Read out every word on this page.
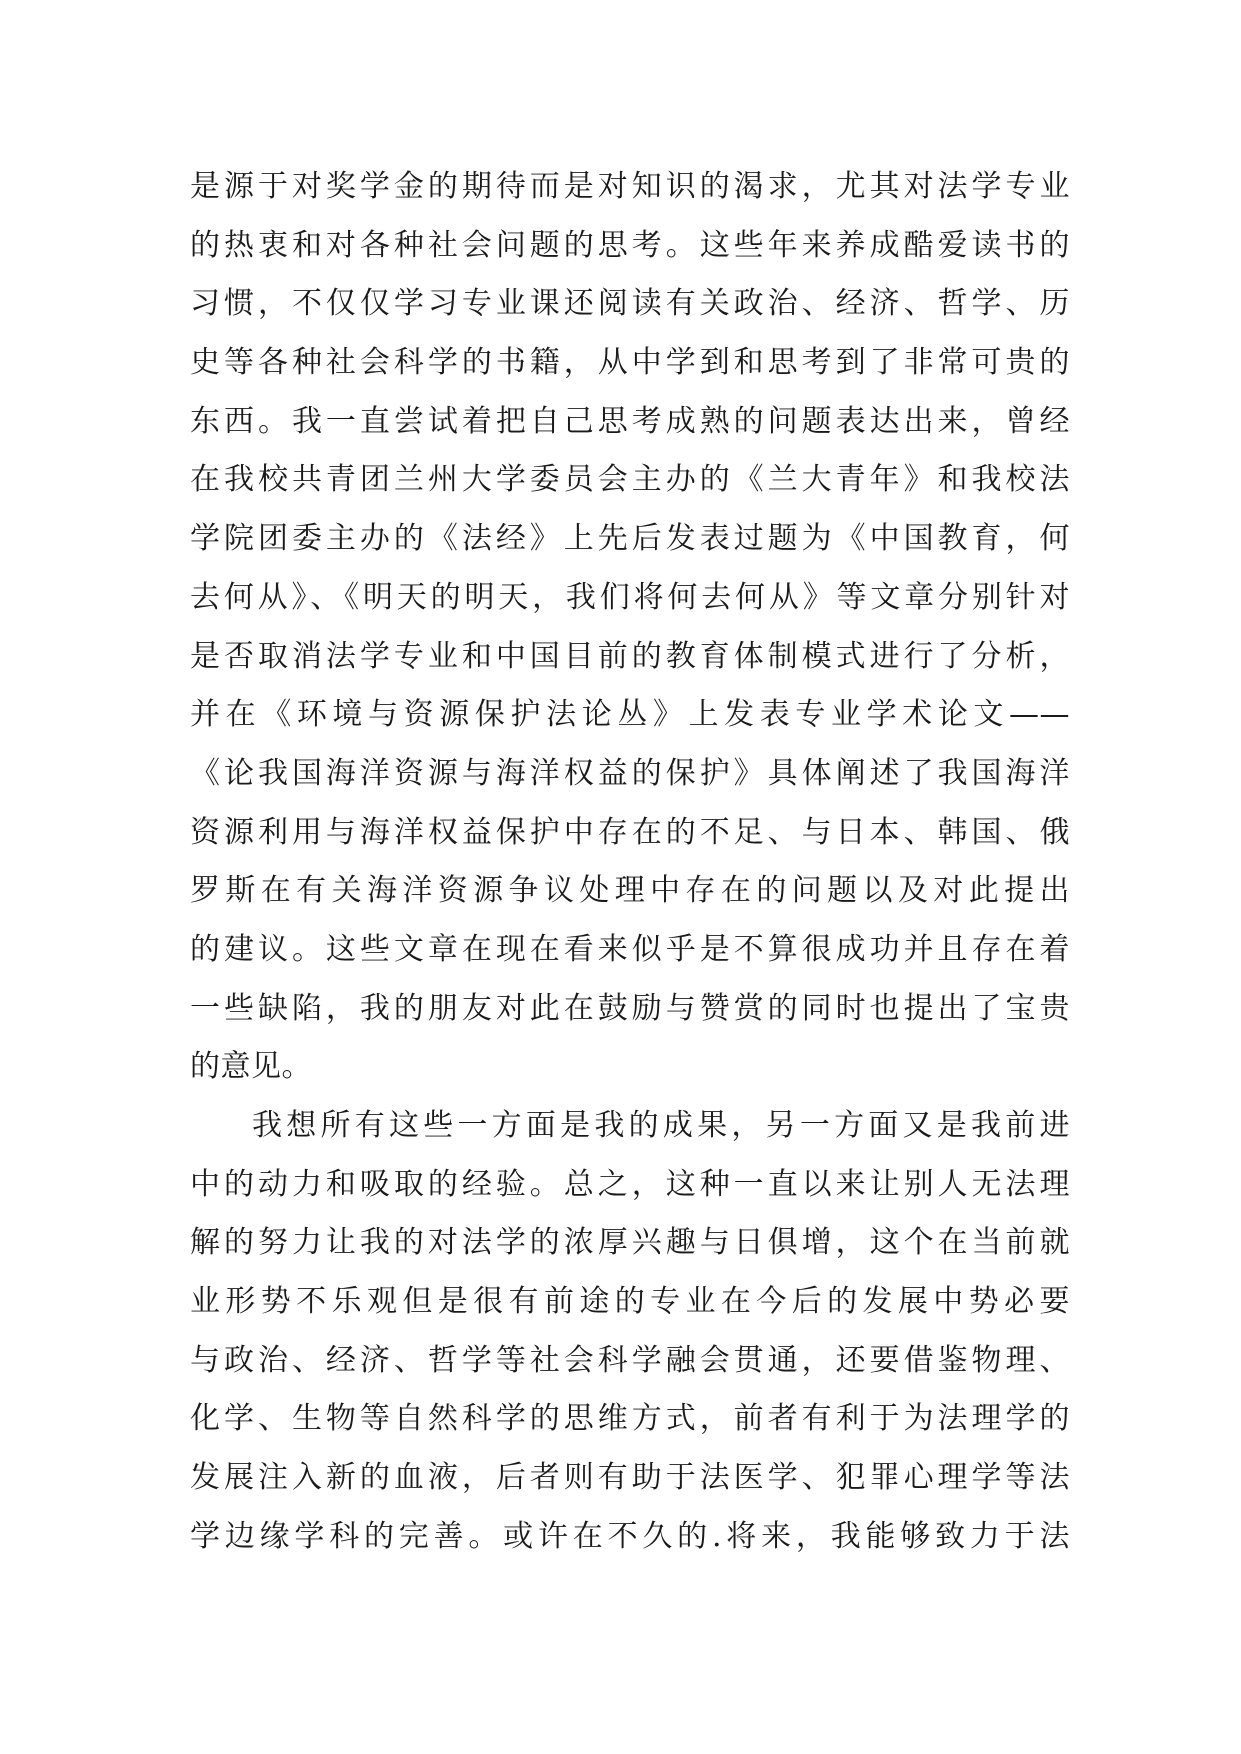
是源于对奖学金的期待而是对知识的渴求，尤其对法学专业
的热衷和对各种社会问题的思考。这些年来养成酷爱读书的
习惯，不仅仅学习专业课还阅读有关政治、经济、哲学、历
史等各种社会科学的书籍，从中学到和思考到了非常可贵的
东西。我一直尝试着把自己思考成熟的问题表达出来，曾经
在我校共青团兰州大学委员会主办的《兰大青年》和我校法
学院团委主办的《法经》上先后发表过题为《中国教育，何
去何从》、《明天的明天，我们将何去何从》等文章分别针对
是否取消法学专业和中国目前的教育体制模式进行了分析，
并在《环境与资源保护法论丛》上发表专业学术论文——
《论我国海洋资源与海洋权益的保护》具体阐述了我国海洋
资源利用与海洋权益保护中存在的不足、与日本、韩国、俄
罗斯在有关海洋资源争议处理中存在的问题以及对此提出
的建议。这些文章在现在看来似乎是不算很成功并且存在着
一些缺陷，我的朋友对此在鼓励与赞赏的同时也提出了宝贵
的意见。
我想所有这些一方面是我的成果，另一方面又是我前进
中的动力和吸取的经验。总之，这种一直以来让别人无法理
解的努力让我的对法学的浓厚兴趣与日俱增，这个在当前就
业形势不乐观但是很有前途的专业在今后的发展中势必要
与政治、经济、哲学等社会科学融会贯通，还要借鉴物理、
化学、生物等自然科学的思维方式，前者有利于为法理学的
发展注入新的血液，后者则有助于法医学、犯罪心理学等法
学边缘学科的完善。或许在不久的.将来，我能够致力于法
